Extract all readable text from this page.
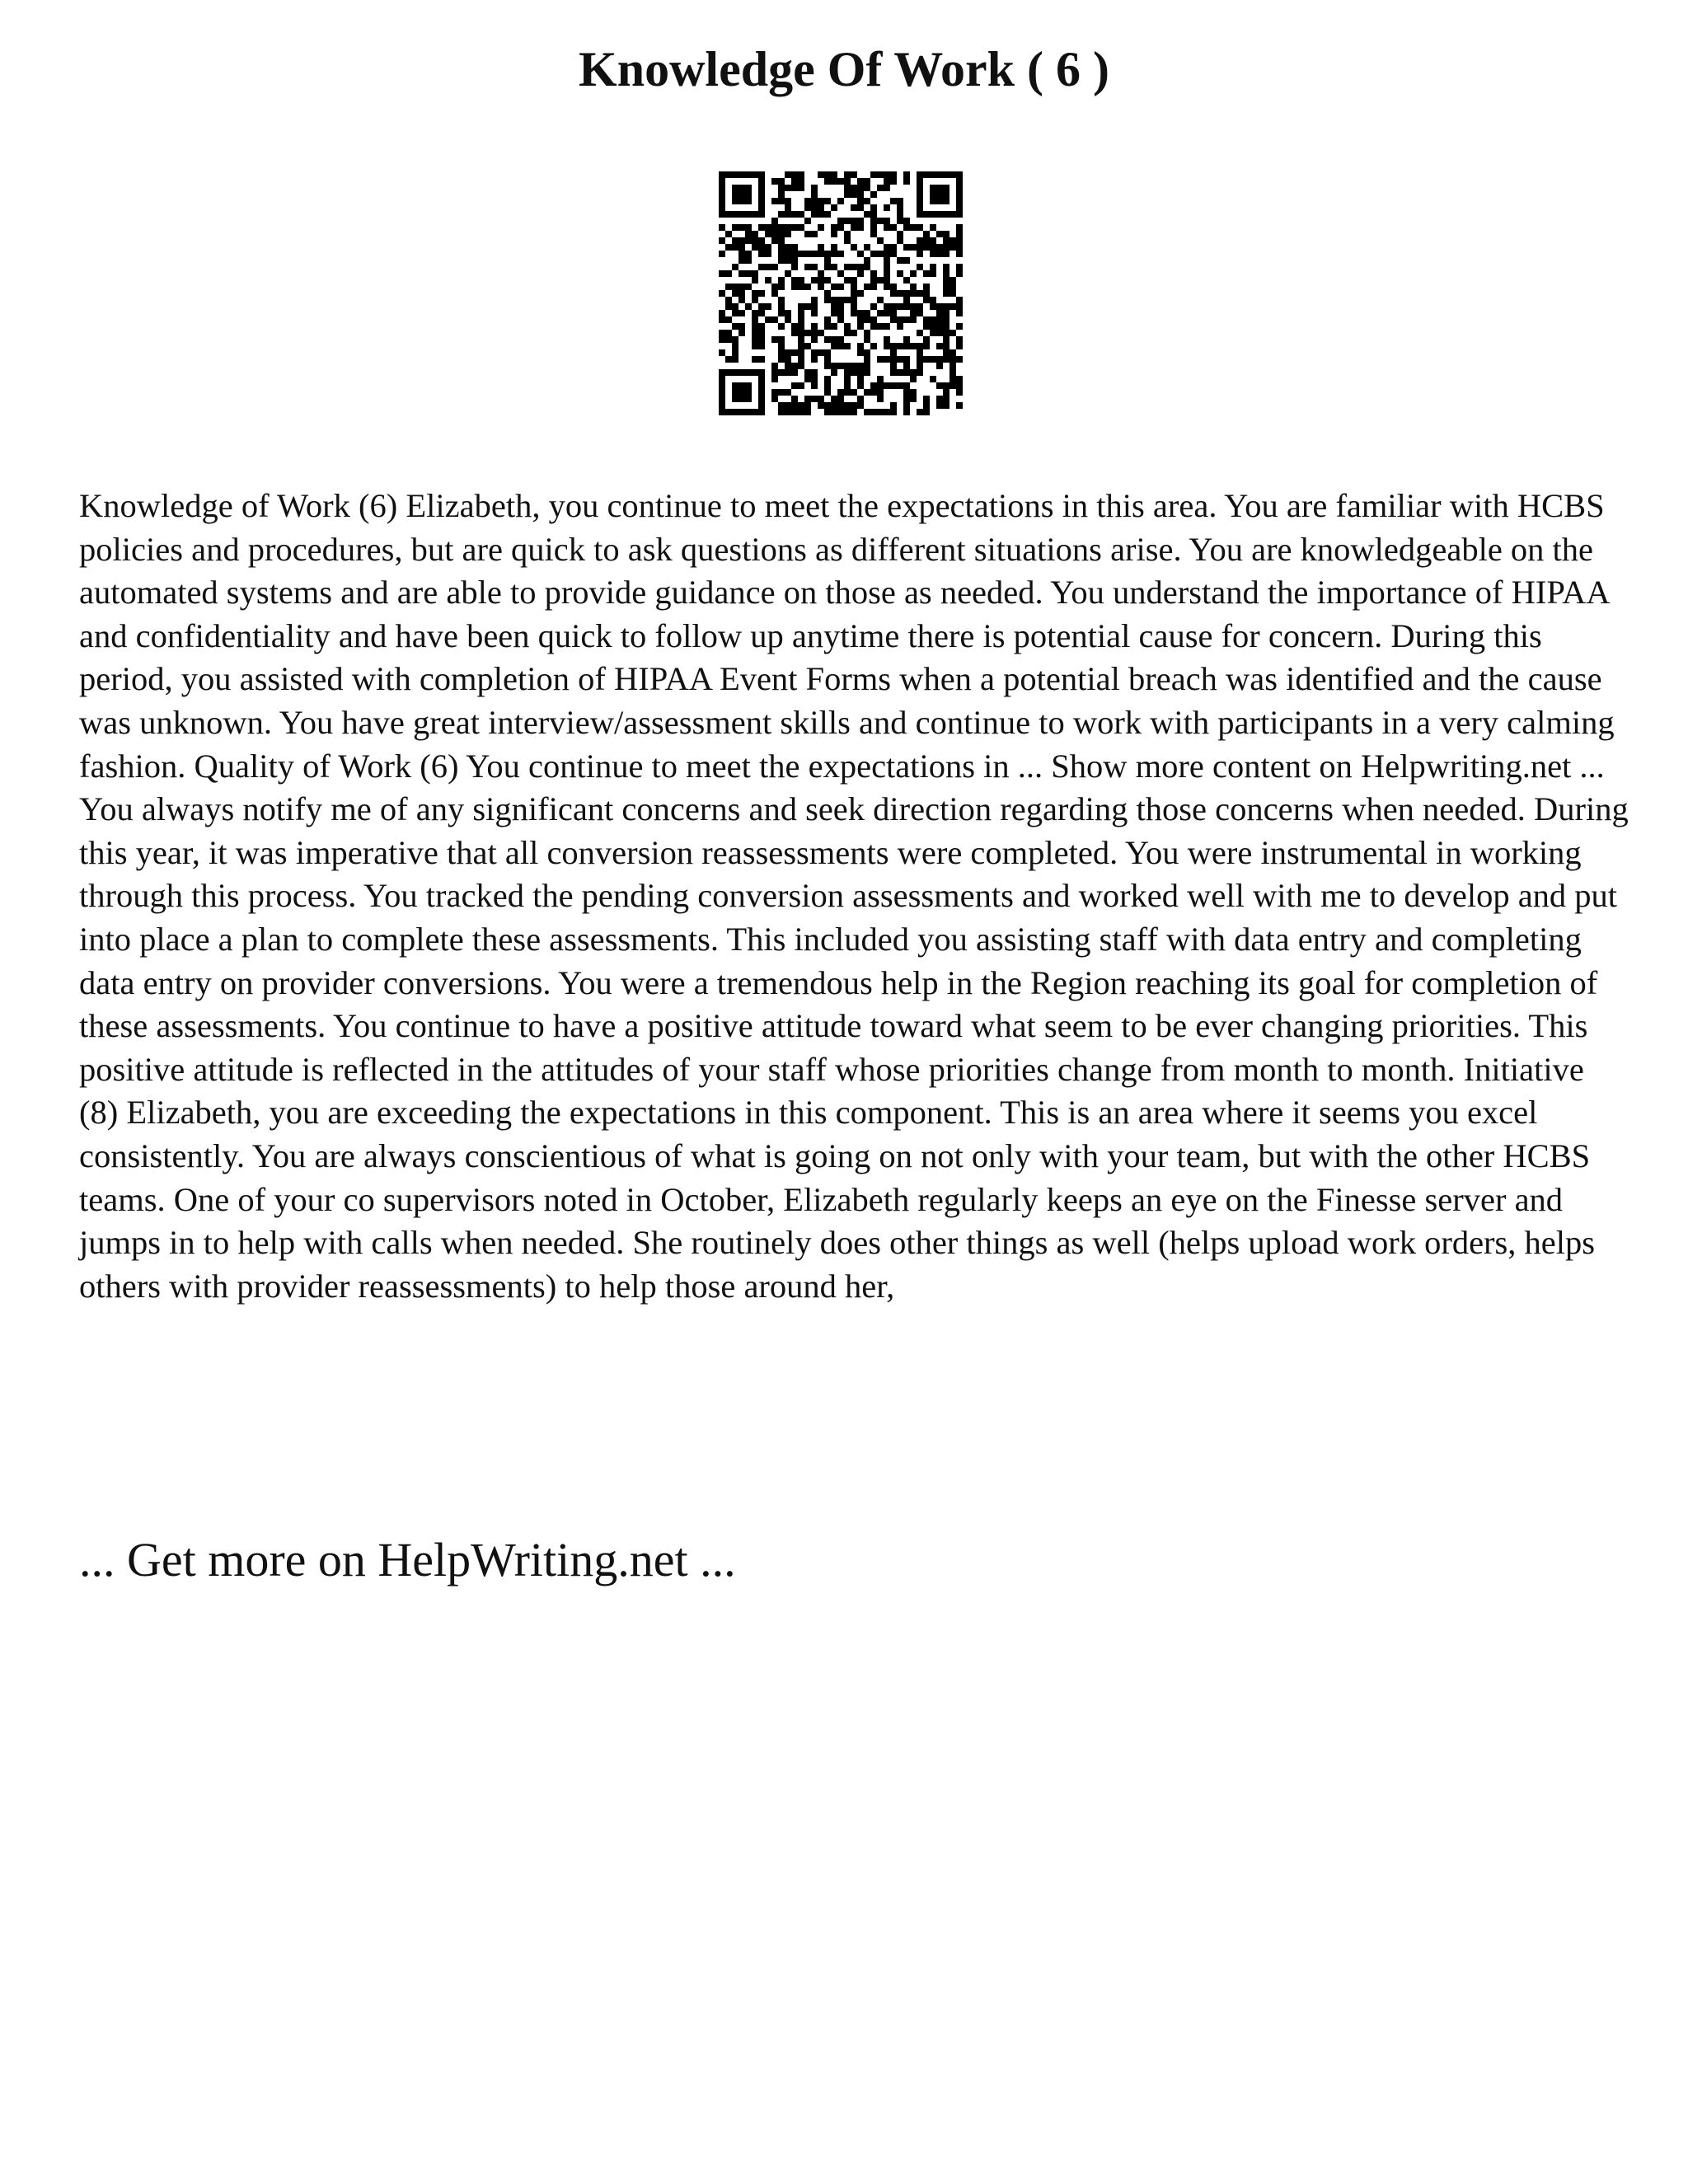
Knowledge Of Work ( 6 )

Knowledge of Work (6) Elizabeth, you continue to meet the expectations in this area. You are familiar with HCBS policies and procedures, but are quick to ask questions as different situations arise. You are knowledgeable on the automated systems and are able to provide guidance on those as needed. You understand the importance of HIPAA and confidentiality and have been quick to follow up anytime there is potential cause for concern. During this period, you assisted with completion of HIPAA Event Forms when a potential breach was identified and the cause was unknown. You have great interview/assessment skills and continue to work with participants in a very calming fashion. Quality of Work (6) You continue to meet the expectations in ... Show more content on Helpwriting.net ...

You always notify me of any significant concerns and seek direction regarding those concerns when needed. During this year, it was imperative that all conversion reassessments were completed. You were instrumental in working through this process. You tracked the pending conversion assessments and worked well with me to develop and put into place a plan to complete these assessments. This included you assisting staff with data entry and completing data entry on provider conversions. You were a tremendous help in the Region reaching its goal for completion of these assessments. You continue to have a positive attitude toward what seem to be ever changing priorities. This positive attitude is reflected in the attitudes of your staff whose priorities change from month to month. Initiative (8) Elizabeth, you are exceeding the expectations in this component. This is an area where it seems you excel consistently. You are always conscientious of what is going on not only with your team, but with the other HCBS teams. One of your co supervisors noted in October, Elizabeth regularly keeps an eye on the Finesse server and jumps in to help with calls when needed. She routinely does other things as well (helps upload work orders, helps others with provider reassessments) to help those around her,

... Get more on HelpWriting.net ...
